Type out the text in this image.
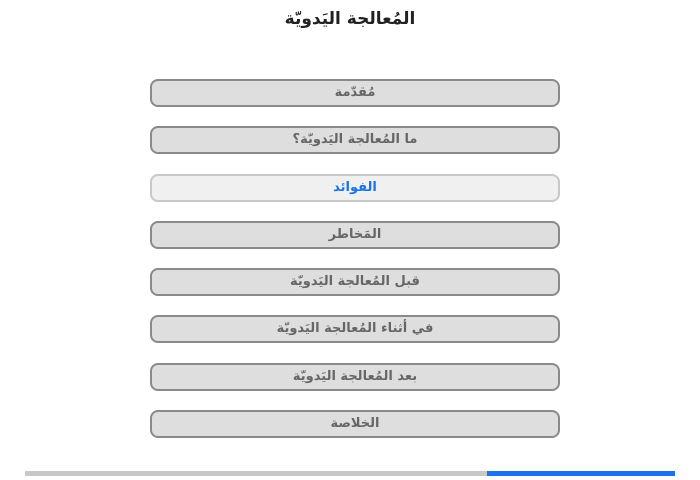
المُعالجة اليَدويّة
مُقدّمة
ما المُعالجة اليَدويّة؟
الفوائد
المَخاطر
قبل المُعالجة اليَدويّة
في أثناء المُعالجة اليَدويّة
بعد المُعالجة اليَدويّة
الخلاصة
